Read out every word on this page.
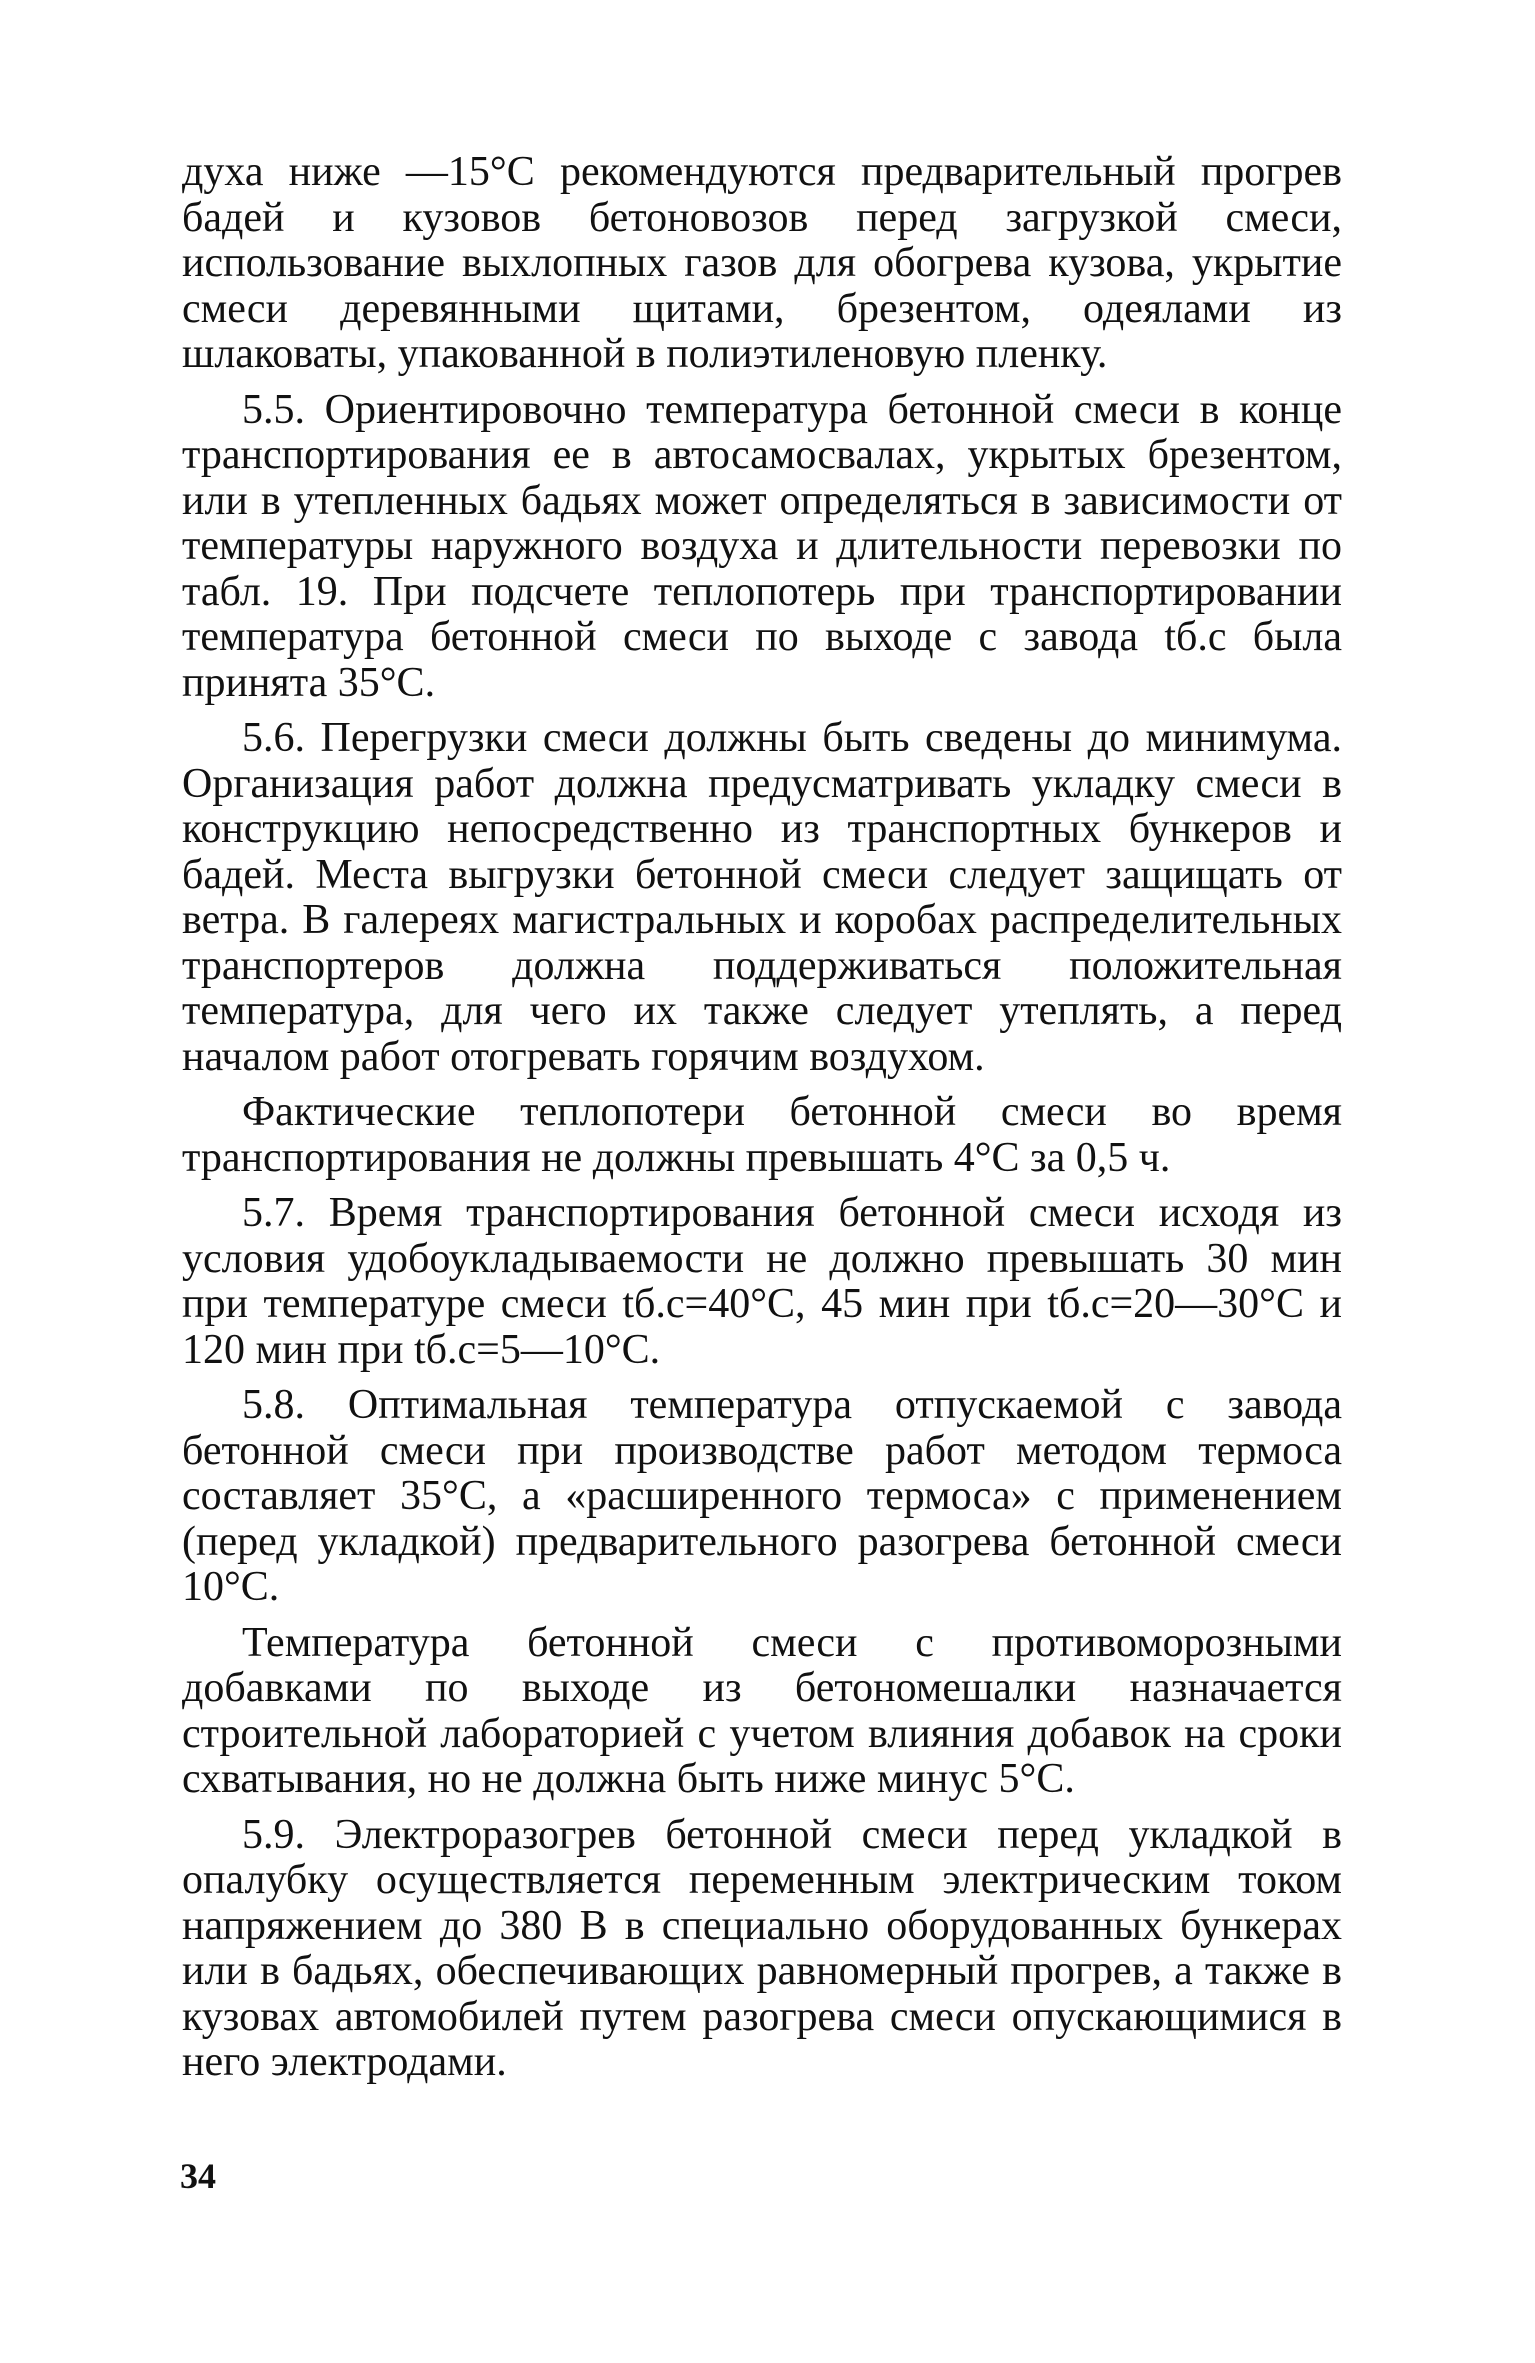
духа ниже —15°С рекомендуются предварительный прогрев бадей и кузовов бетоновозов перед загрузкой смеси, использование выхлопных газов для обогрева кузова, укрытие смеси деревянными щитами, брезентом, одеялами из шлаковаты, упакованной в полиэтиленовую пленку.

5.5. Ориентировочно температура бетонной смеси в конце транспортирования ее в автосамосвалах, укрытых брезентом, или в утепленных бадьях может определяться в зависимости от температуры наружного воздуха и длительности перевозки по табл. 19. При подсчете теплопотерь при транспортировании температура бетонной смеси по выходе с завода tб.с была принята 35°С.

5.6. Перегрузки смеси должны быть сведены до минимума. Организация работ должна предусматривать укладку смеси в конструкцию непосредственно из транспортных бункеров и бадей. Места выгрузки бетонной смеси следует защищать от ветра. В галереях магистральных и коробах распределительных транспортеров должна поддерживаться положительная температура, для чего их также следует утеплять, а перед началом работ отогревать горячим воздухом.

Фактические теплопотери бетонной смеси во время транспортирования не должны превышать 4°С за 0,5 ч.

5.7. Время транспортирования бетонной смеси исходя из условия удобоукладываемости не должно превышать 30 мин при температуре смеси tб.с=40°С, 45 мин при tб.с=20—30°С и 120 мин при tб.с=5—10°С.

5.8. Оптимальная температура отпускаемой с завода бетонной смеси при производстве работ методом термоса составляет 35°С, а «расширенного термоса» с применением (перед укладкой) предварительного разогрева бетонной смеси 10°С.

Температура бетонной смеси с противоморозными добавками по выходе из бетономешалки назначается строительной лабораторией с учетом влияния добавок на сроки схватывания, но не должна быть ниже минус 5°С.

5.9. Электроразогрев бетонной смеси перед укладкой в опалубку осуществляется переменным электрическим током напряжением до 380 В в специально оборудованных бункерах или в бадьях, обеспечивающих равномерный прогрев, а также в кузовах автомобилей путем разогрева смеси опускающимися в него электродами.

34
